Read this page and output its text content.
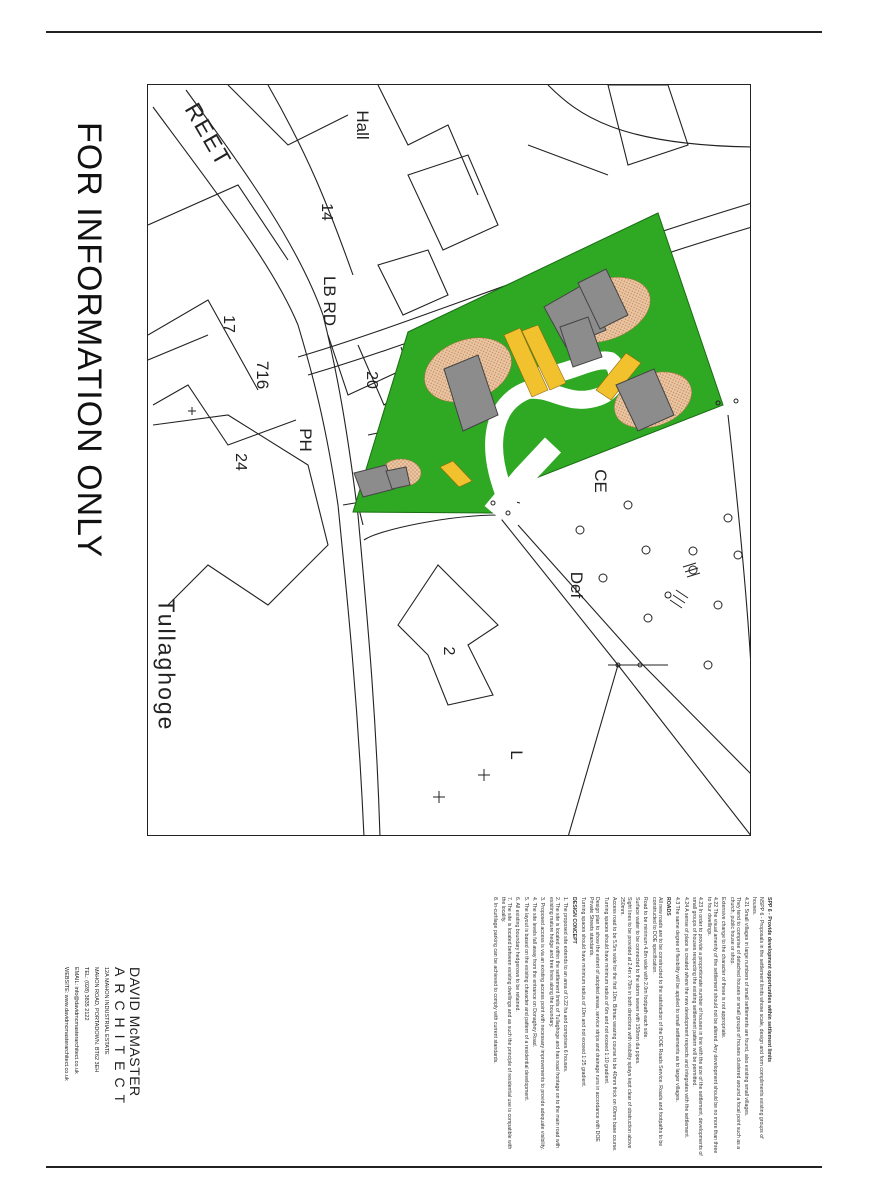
FOR INFORMATION ONLY	REET	Hall
LB RD
716
PH
CE
Def
Tullaghoge
L
14
17
20
24
2

SPP 6 - Provide development opportunities within settlement limits

NSPP 6 - Proposals in the settlement limits whose scale, design and form compliments existing groups of houses.

4.21 Small villages in large numbers of small settlements are found, also existing small villages.

They tend to comprise of detached houses or small groups of houses clustered around a focal point such as a church, public house or shop.

Extensive change to the character of these is not appropriate.

4.22 The visual amenity of the settlement should not be altered. Any development should be no more than three to four dwellings.

4.23 In order to provide a proportionate number of houses in line with the size of the settlement, developments of small groups of houses respecting the existing settlement pattern will be permitted.

4.24 A sense of place is created where the new development respects and integrates with the settlement.

4.3 The same degree of flexibility will be applied to small settlements as to larger villages.

ROADS

All new roads are to be constructed to the satisfaction of the DOE Roads Service. Roads and footpaths to be constructed to DOE specification.

Road to be minimum 4.8m wide with 2.0m footpath each side.

Surface water to be connected to the storm sewer with 150mm dia pipes.

Sight lines to be provided at 2.4m x 70m in both directions with visibility splays kept clear of obstruction above 250mm.

Access road to be 5.5m wide for the first 10m. Bitmac wearing course to be 40mm thick on 60mm base course.

Turning spaces should have minimum radius of 6m and not exceed 1:10 gradient.

Design plan to show the extent of adopted areas, service strips and drainage runs in accordance with DOE Private Streets standards.

Turning spaces should have minimum radius of 10m and not exceed 1:25 gradient.

DESIGN CONCEPT

1. The proposed site extends to an area of 0.22 ha and comprises 6 houses.

2. The site is located within the settlement limits of Tullaghoge and has road frontage on to the main road with existing mature hedge and tree lines along the boundary.

3. Proposed access is via an existing access point with necessary improvements to provide adequate visibility.

4. The site levels fall away from the entrance on Donaghey Road.

5. The layout is based on the existing character and pattern of a residential development.

6. All existing boundary hedgerows to be retained.

7. The site is located between existing dwellings and as such the principle of residential use is compatible with the locality.

8. In-curtilage parking can be achieved to comply with current standards.

DAVID McMASTER
ARCHITECT
12A MAHON INDUSTRIAL ESTATE
MAHON ROAD, PORTADOWN. BT62 3EH
TEL: (028) 3835 2122
EMAIL: info@davidmcmasterarchitect.co.uk
WEBSITE: www.davidmcmasterarchitect.co.uk
